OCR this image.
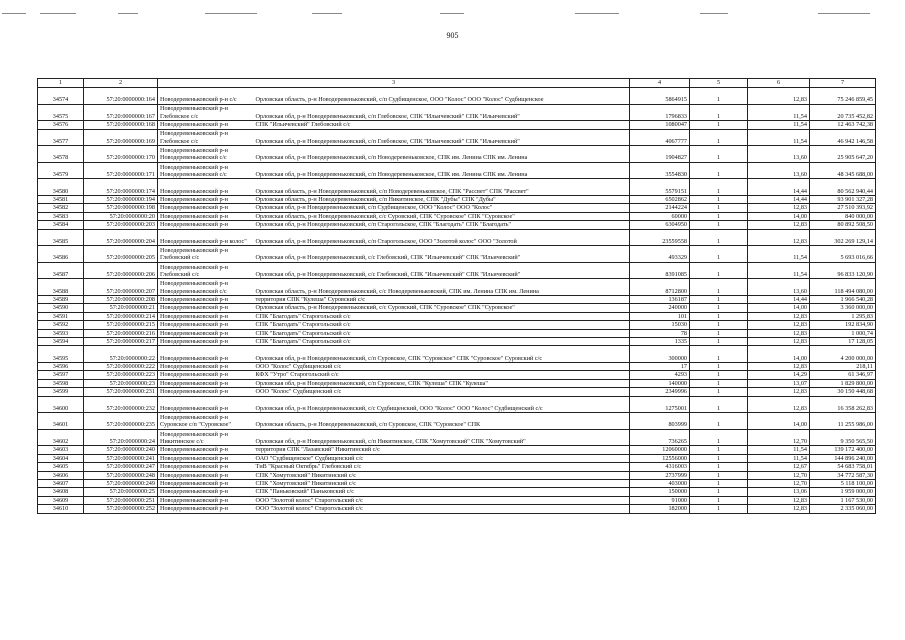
905
1	2	3	4	5	6	7
34574	57:20:0000000:164	Новодеревеньковский р-н с/с Орловская область, р-н Новодеревеньковский, с/п Судбищенское, ООО "Колос" ООО "Колос" Судбищенское	5864915	1	12,83	75 246 859,45
34575	57:20:0000000:167	Новодеревеньковский р-н Глебовское с/с Орловская обл, р-н Новодеревеньковский, с/п Глебовское, СПК "Ильичевский" СПК "Ильичевский"	1796833	1	11,54	20 735 452,82
34576	57:20:0000000:168	Новодеревеньковский р-н СПК "Ильичевский" Глебовский с/с	1080047	1	11,54	12 463 742,38
34577	57:20:0000000:169	Новодеревеньковский р-н Глебовское с/с Орловская обл, р-н Новодеревеньковский, с/п Глебовское, СПК "Ильичевский" СПК "Ильичевский"	4067777	1	11,54	46 942 146,58
34578	57:20:0000000:170	Новодеревеньковский р-н Новодеревеньковский с/с Орловская обл, р-н Новодеревеньковский, с/п Новодеревеньковское, СПК им. Ленина СПК им. Ленина	1904827	1	13,60	25 905 647,20
34579	57:20:0000000:171	Новодеревеньковский р-н Новодеревеньковский с/с Орловская обл, р-н Новодеревеньковский, с/п Новодеревеньковское, СПК им. Ленина СПК им. Ленина	3554830	1	13,60	48 345 688,00
34580	57:20:0000000:174	Новодеревеньковский р-н Орловская область, р-н Новодеревеньковский, с/п Новодеревеньковское, СПК "Рассвет" СПК "Рассвет"	5579151	1	14,44	80 562 940,44
34581	57:20:0000000:194	Новодеревеньковский р-н Орловская область, р-н Новодеревеньковский, с/п Никитинское, СПК "Дубы" СПК "Дубы"	6502862	1	14,44	93 901 327,28
34582	57:20:0000000:198	Новодеревеньковский р-н Орловская обл, р-н Новодеревеньковский, с/п Судбищенское, ООО "Колос" ООО "Колос"	2144224	1	12,83	27 510 393,92
34583	57:20:0000000:20	Новодеревеньковский р-н Орловская область, р-н Новодеревеньковский, с/с Суровский, СПК "Суровское" СПК "Суровское"	60000	1	14,00	840 000,00
34584	57:20:0000000:203	Новодеревеньковский р-н Орловская обл, р-н Новодеревеньковский, с/п Старогольское, СПК "Благодать" СПК "Благодать"	6304950	1	12,83	80 892 508,50
34585	57:20:0000000:204	Новодеревеньковский р-н колос" Орловская обл, р-н Новодеревеньковский, с/п Старогольское, ООО "Золотой колос" ООО "Золотой	23559558	1	12,83	302 269 129,14
34586	57:20:0000000:205	Новодеревеньковский р-н Глебовский с/с Орловская обл, р-н Новодеревеньковский, с/с Глебовский, СПК "Ильичевский" СПК "Ильичевский"	493329	1	11,54	5 693 016,66
34587	57:20:0000000:206	Новодеревеньковский р-н Глебовский с/с Орловская обл, р-н Новодеревеньковский, с/с Глебовский, СПК "Ильичевский" СПК "Ильичевский"	8391085	1	11,54	96 833 120,90
34588	57:20:0000000:207	Новодеревеньковский р-н Новодеревеньковский с/с Орловская область, р-н Новодеревеньковский, с/с Новодеревеньковский, СПК им. Ленина СПК им. Ленина	8712800	1	13,60	118 494 080,00
34589	57:20:0000000:208	Новодеревеньковский р-н территория СПК "Кулеша" Суровский с/с	136187	1	14,44	1 966 540,28
34590	57:20:0000000:21	Новодеревеньковский р-н Орловская область, р-н Новодеревеньковский, с/с Суровский, СПК "Суровское" СПК "Суровское"	240000	1	14,00	3 360 000,00
34591	57:20:0000000:214	Новодеревеньковский р-н СПК "Благодать" Старогольский с/с	101	1	12,83	1 295,83
34592	57:20:0000000:215	Новодеревеньковский р-н СПК "Благодать" Старогольский с/с	15030	1	12,83	192 834,90
34593	57:20:0000000:216	Новодеревеньковский р-н СПК "Благодать" Старогольский с/с	78	1	12,83	1 000,74
34594	57:20:0000000:217	Новодеревеньковский р-н СПК "Благодать" Старогольский с/с	1335	1	12,83	17 128,05
34595	57:20:0000000:22	Новодеревеньковский р-н Орловская обл, р-н Новодеревеньковский, с/п Суровское, СПК "Суровское" СПК "Суровское" Суровский с/с	300000	1	14,00	4 200 000,00
34596	57:20:0000000:222	Новодеревеньковский р-н ООО "Колос" Судбищенский с/с	17	1	12,83	218,11
34597	57:20:0000000:223	Новодеревеньковский р-н КФХ "Утро" Старогольский с/с	4293	1	14,29	61 346,97
34598	57:20:0000000:23	Новодеревеньковский р-н Орловская обл, р-н Новодеревеньковский, с/п Суровское, СПК "Кулеша" СПК "Кулеша"	140000	1	13,07	1 829 800,00
34599	57:20:0000000:231	Новодеревеньковский р-н ООО "Колос" Судбищенский с/с	2349996	1	12,83	30 150 448,68
34600	57:20:0000000:232	Новодеревеньковский р-н Орловская обл, р-н Новодеревеньковский, с/с Судбищенский, ООО "Колос" ООО "Колос" Судбищенский с/с	1275001	1	12,83	16 358 262,83
34601	57:20:0000000:235	Новодеревеньковский р-н Суровское с/п "Суровское" Орловская область, р-н Новодеревеньковский, с/п Суровское, СПК "Суровское" СПК	803999	1	14,00	11 255 986,00
34602	57:20:0000000:24	Новодеревеньковский р-н Никитинское с/с Орловская обл, р-н Новодеревеньковский, с/п Никитинское, СПК "Хомутовский" СПК "Хомутовский"	736265	1	12,70	9 350 565,50
34603	57:20:0000000:240	Новодеревеньковский р-н территория СПК "Лазавский" Никитинский с/с	12060000	1	11,54	139 172 400,00
34604	57:20:0000000:241	Новодеревеньковский р-н ОАО "Судбищенское" Судбищенский с/с	12556000	1	11,54	144 896 240,00
34605	57:20:0000000:247	Новодеревеньковский р-н ТнВ "Красный Октябрь" Глебовский с/с	4316003	1	12,67	54 683 758,01
34606	57:20:0000000:248	Новодеревеньковский р-н СПК "Хомутовский" Никитинский с/с	2737999	1	12,70	34 772 587,30
34607	57:20:0000000:249	Новодеревеньковский р-н СПК "Хомутовский" Никитинский с/с	403000	1	12,70	5 118 100,00
34608	57:20:0000000:25	Новодеревеньковский р-н СПК "Паньковский" Паньковский с/с	150000	1	13,06	1 959 000,00
34609	57:20:0000000:251	Новодеревеньковский р-н ООО "Золотой колос" Старогольский с/с	91000	1	12,83	1 167 530,00
34610	57:20:0000000:252	Новодеревеньковский р-н ООО "Золотой колос" Старогольский с/с	182000	1	12,83	2 335 060,00
